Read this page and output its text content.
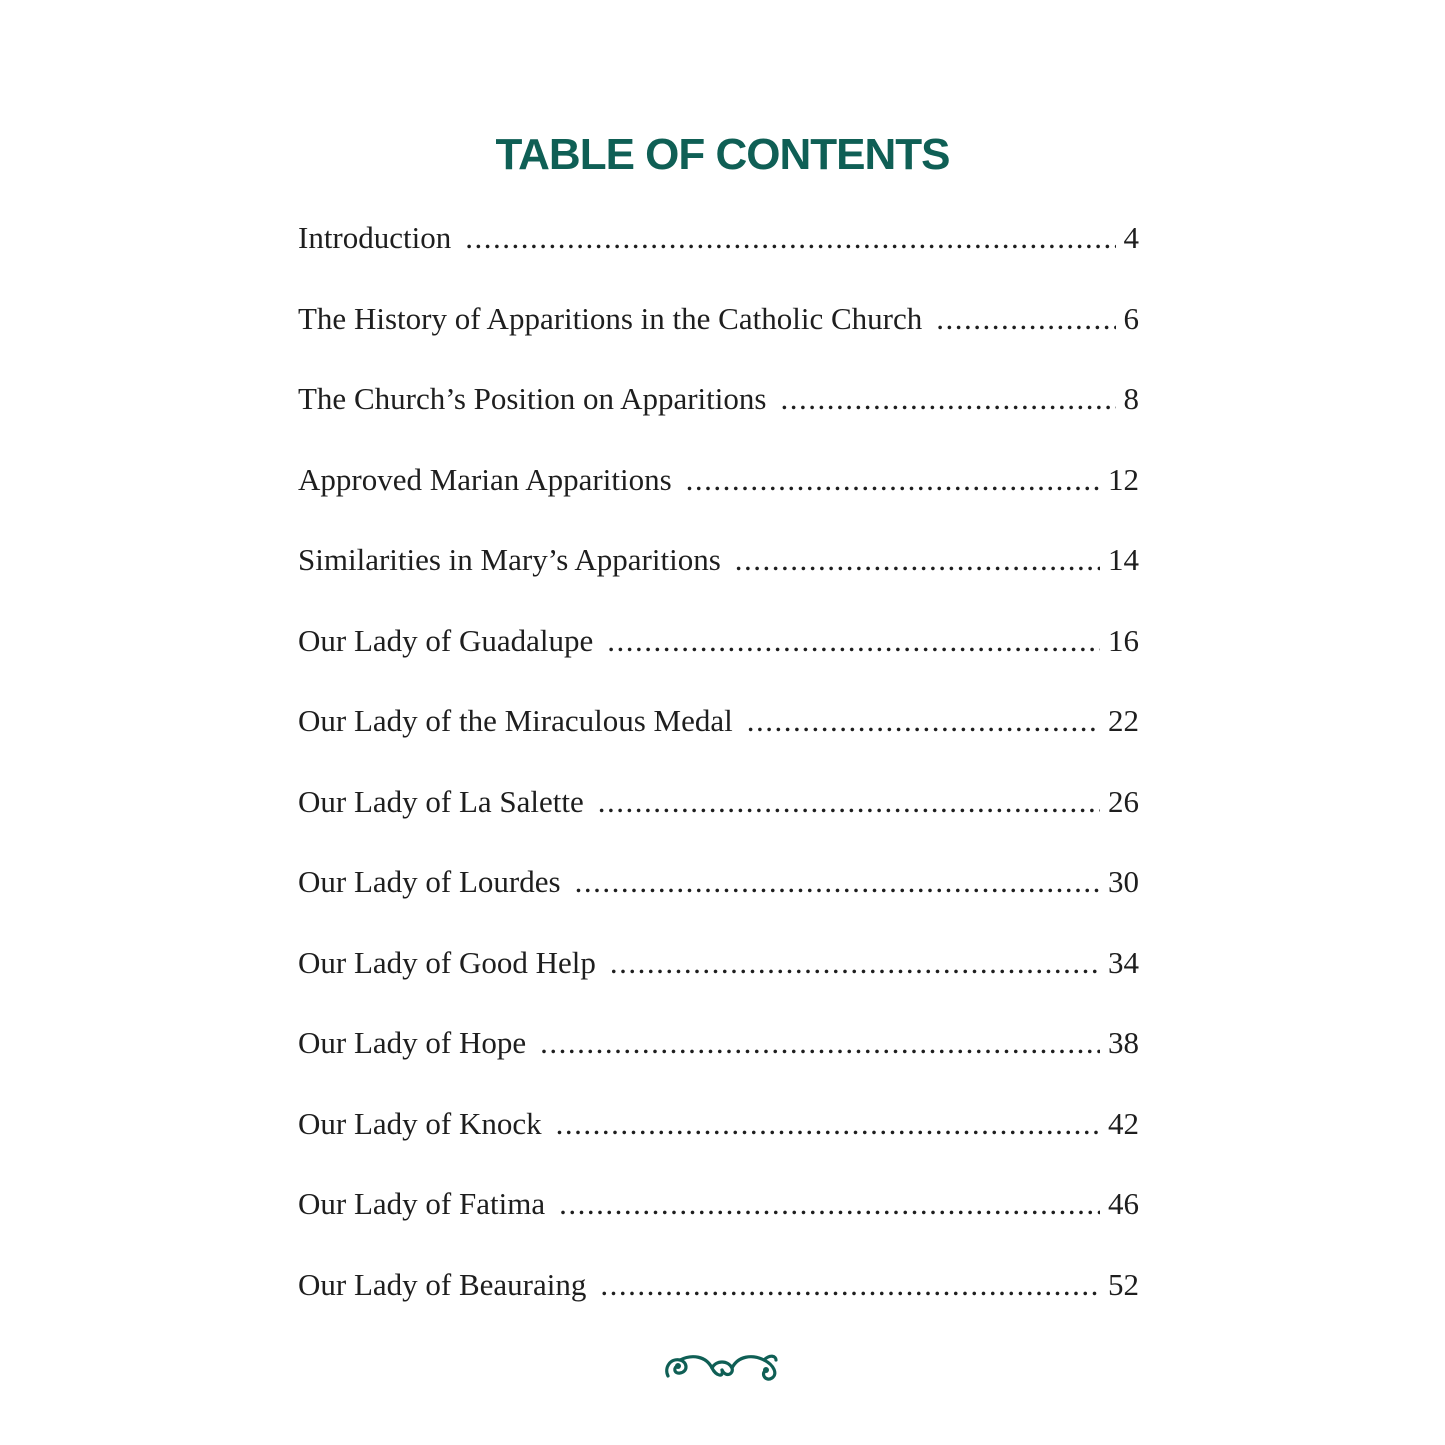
TABLE OF CONTENTS
Introduction .....	4
The History of Apparitions in the Catholic Church .....	6
The Church’s Position on Apparitions .....	8
Approved Marian Apparitions .....	12
Similarities in Mary’s Apparitions .....	14
Our Lady of Guadalupe .....	16
Our Lady of the Miraculous Medal .....	22
Our Lady of La Salette .....	26
Our Lady of Lourdes .....	30
Our Lady of Good Help .....	34
Our Lady of Hope .....	38
Our Lady of Knock .....	42
Our Lady of Fatima .....	46
Our Lady of Beauraing .....	52
